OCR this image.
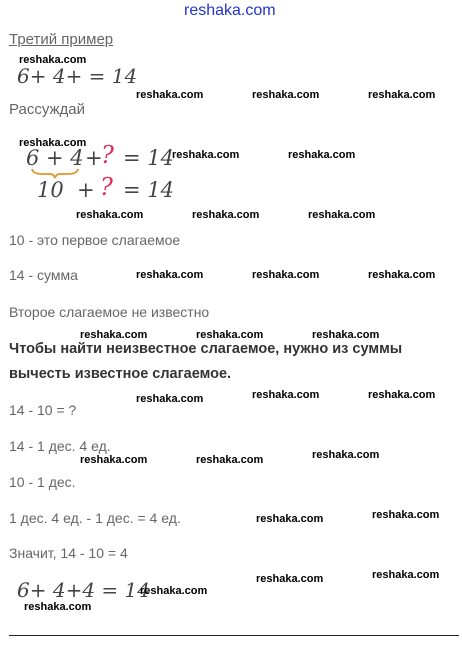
reshaka.com
Третий пример
reshaka.com
6+ 4+ = 14
Рассуждай
reshaka.com	reshaka.com	reshaka.com
reshaka.com
6 + 4 +
? = 14
reshaka.com	reshaka.com
10 + ? = 14
reshaka.com	reshaka.com	reshaka.com
10 - это первое слагаемое
14 - сумма	reshaka.com	reshaka.com	reshaka.com
Второе слагаемое не известно
reshaka.com	reshaka.com	reshaka.com
Чтобы найти неизвестное слагаемое, нужно из суммы
вычесть известное слагаемое.
reshaka.com	reshaka.com	reshaka.com
14 - 10 = ?
14 - 1 дес. 4 ед.
reshaka.com	reshaka.com	reshaka.com
10 - 1 дес.
1 дес. 4 ед. - 1 дес. = 4 ед.	reshaka.com	reshaka.com
Значит, 14 - 10 = 4
reshaka.com	reshaka.com
6+ 4+4 = 14
reshaka.com
reshaka.com
